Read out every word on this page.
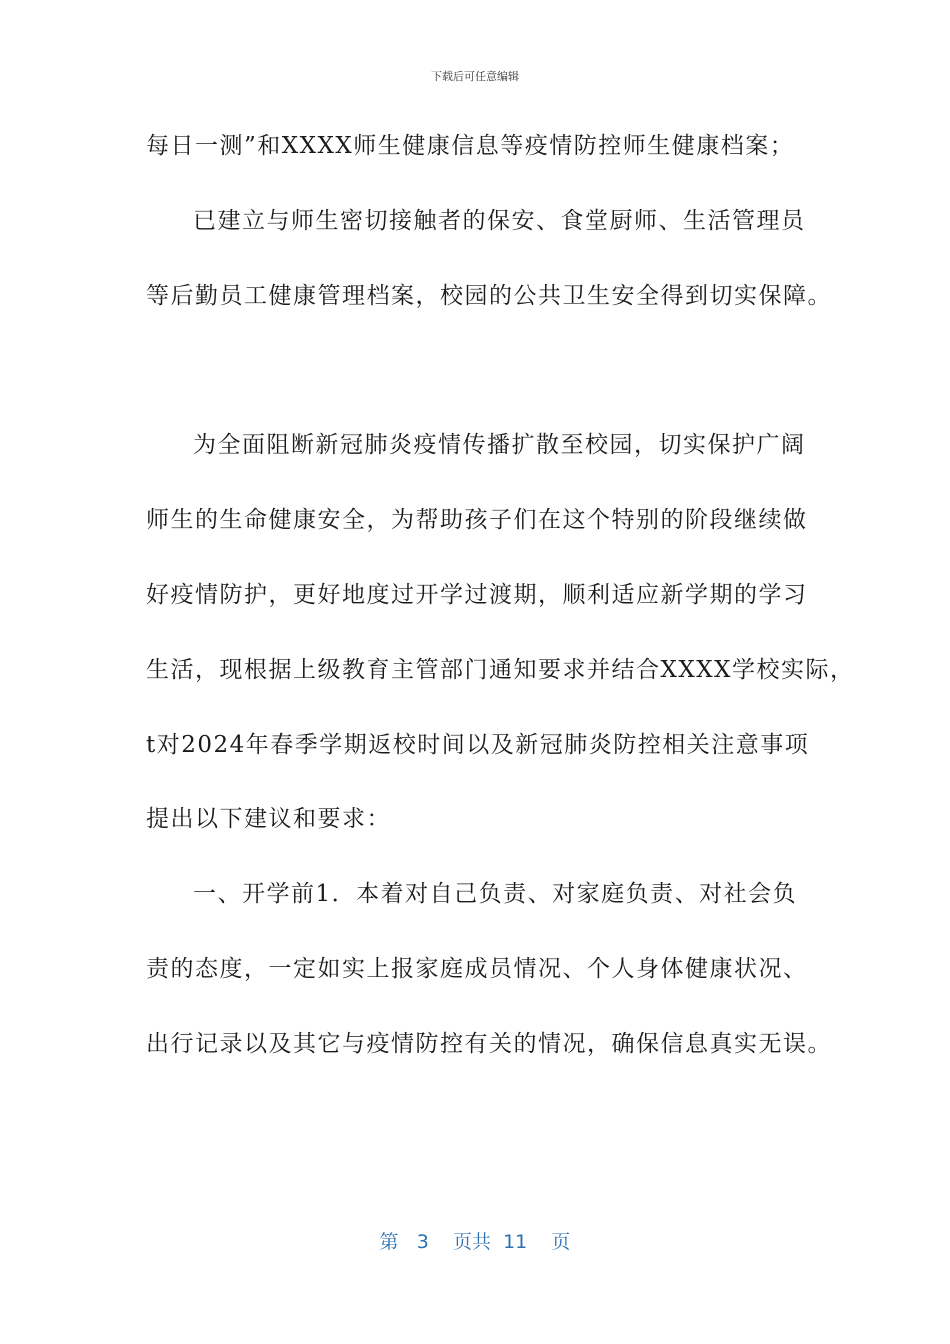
下载后可任意编辑
每日一测”和XXXX师生健康信息等疫情防控师生健康档案；
已建立与师生密切接触者的保安、食堂厨师、生活管理员
等后勤员工健康管理档案，校园的公共卫生安全得到切实保障。
为全面阻断新冠肺炎疫情传播扩散至校园，切实保护广阔
师生的生命健康安全，为帮助孩子们在这个特别的阶段继续做
好疫情防护，更好地度过开学过渡期，顺利适应新学期的学习
生活，现根据上级教育主管部门通知要求并结合XXXX学校实际，
t对2024年春季学期返校时间以及新冠肺炎防控相关注意事项
提出以下建议和要求：
一、开学前1．本着对自己负责、对家庭负责、对社会负
责的态度，一定如实上报家庭成员情况、个人身体健康状况、
出行记录以及其它与疫情防控有关的情况，确保信息真实无误。
第 3 页共 11 页
